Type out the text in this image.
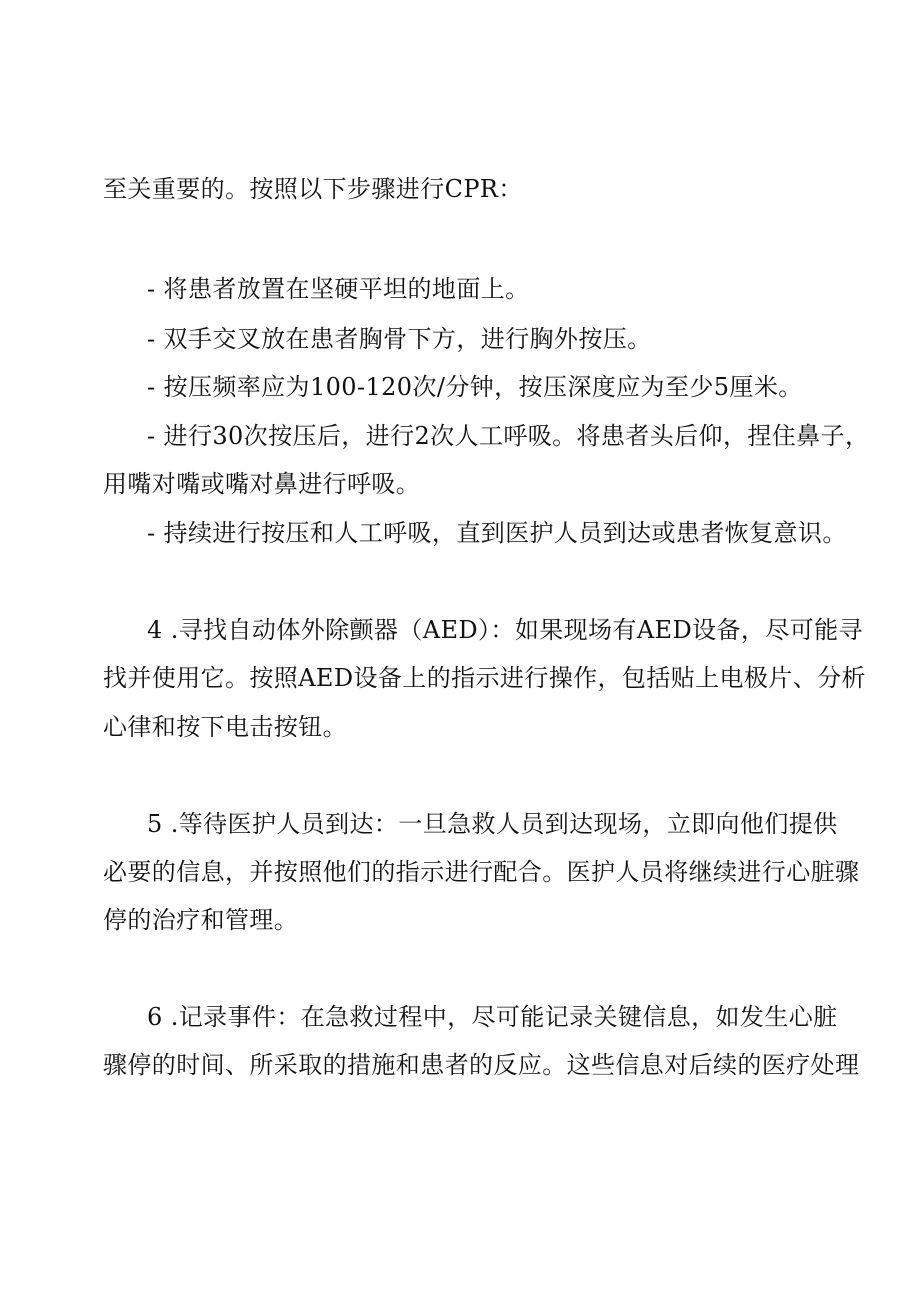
至关重要的。按照以下步骤进行CPR：
- 将患者放置在坚硬平坦的地面上。
- 双手交叉放在患者胸骨下方，进行胸外按压。
- 按压频率应为100-120次/分钟，按压深度应为至少5厘米。
- 进行30次按压后，进行2次人工呼吸。将患者头后仰，捏住鼻子，
用嘴对嘴或嘴对鼻进行呼吸。
- 持续进行按压和人工呼吸，直到医护人员到达或患者恢复意识。
4 .寻找自动体外除颤器（AED）：如果现场有AED设备，尽可能寻
找并使用它。按照AED设备上的指示进行操作，包括贴上电极片、分析
心律和按下电击按钮。
5 .等待医护人员到达：一旦急救人员到达现场，立即向他们提供
必要的信息，并按照他们的指示进行配合。医护人员将继续进行心脏骤
停的治疗和管理。
6 .记录事件：在急救过程中，尽可能记录关键信息，如发生心脏
骤停的时间、所采取的措施和患者的反应。这些信息对后续的医疗处理
